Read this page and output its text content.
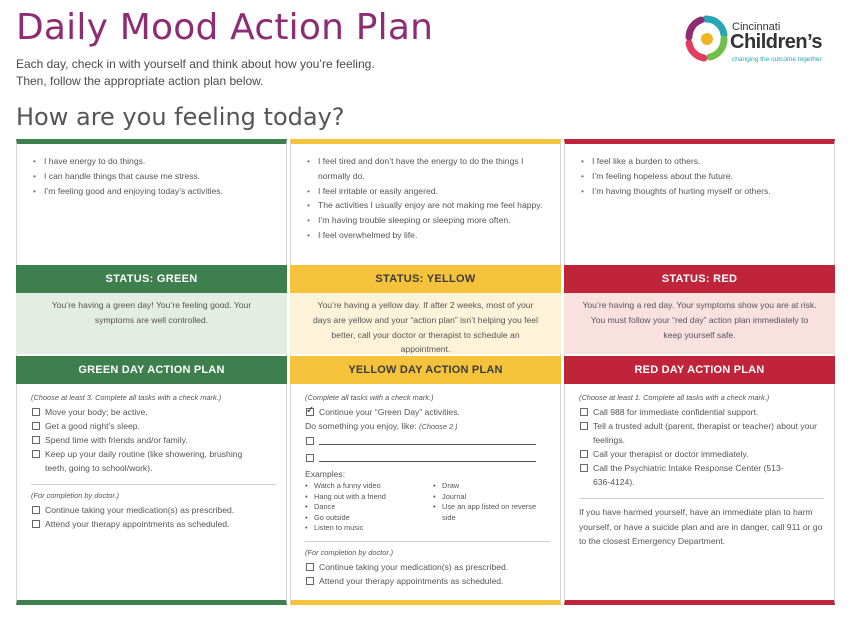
Daily Mood Action Plan
Each day, check in with yourself and think about how you’re feeling.
Then, follow the appropriate action plan below.
How are you feeling today?
Cincinnati
Children’s
changing the outcome together
• I have energy to do things.
• I can handle things that cause me stress.
• I’m feeling good and enjoying today’s activities.
STATUS: GREEN
You’re having a green day! You’re feeling good. Your symptoms are well controlled.
GREEN DAY ACTION PLAN
(Choose at least 3. Complete all tasks with a check mark.)
Move your body; be active.
Get a good night’s sleep.
Spend time with friends and/or family.
Keep up your daily routine (like showering, brushing teeth, going to school/work).
(For completion by doctor.)
Continue taking your medication(s) as prescribed.
Attend your therapy appointments as scheduled.
• I feel tired and don’t have the energy to do the things I normally do.
• I feel irritable or easily angered.
• The activities I usually enjoy are not making me feel happy.
• I’m having trouble sleeping or sleeping more often.
• I feel overwhelmed by life.
STATUS: YELLOW
You’re having a yellow day. If after 2 weeks, most of your days are yellow and your “action plan” isn’t helping you feel better, call your doctor or therapist to schedule an appointment.
YELLOW DAY ACTION PLAN
(Complete all tasks with a check mark.)
✓ Continue your “Green Day” activities.
Do something you enjoy, like: (Choose 2.)
Examples:
• Watch a funny video
• Hang out with a friend
• Dance
• Go outside
• Listen to music
• Draw
• Journal
• Use an app listed on reverse side
(For completion by doctor.)
Continue taking your medication(s) as prescribed.
Attend your therapy appointments as scheduled.
• I feel like a burden to others.
• I’m feeling hopeless about the future.
• I’m having thoughts of hurting myself or others.
STATUS: RED
You’re having a red day. Your symptoms show you are at risk. You must follow your “red day” action plan immediately to keep yourself safe.
RED DAY ACTION PLAN
(Choose at least 1. Complete all tasks with a check mark.)
Call 988 for immediate confidential support.
Tell a trusted adult (parent, therapist or teacher) about your feelings.
Call your therapist or doctor immediately.
Call the Psychiatric Intake Response Center (513-636-4124).
If you have harmed yourself, have an immediate plan to harm yourself, or have a suicide plan and are in danger, call 911 or go to the closest Emergency Department.
